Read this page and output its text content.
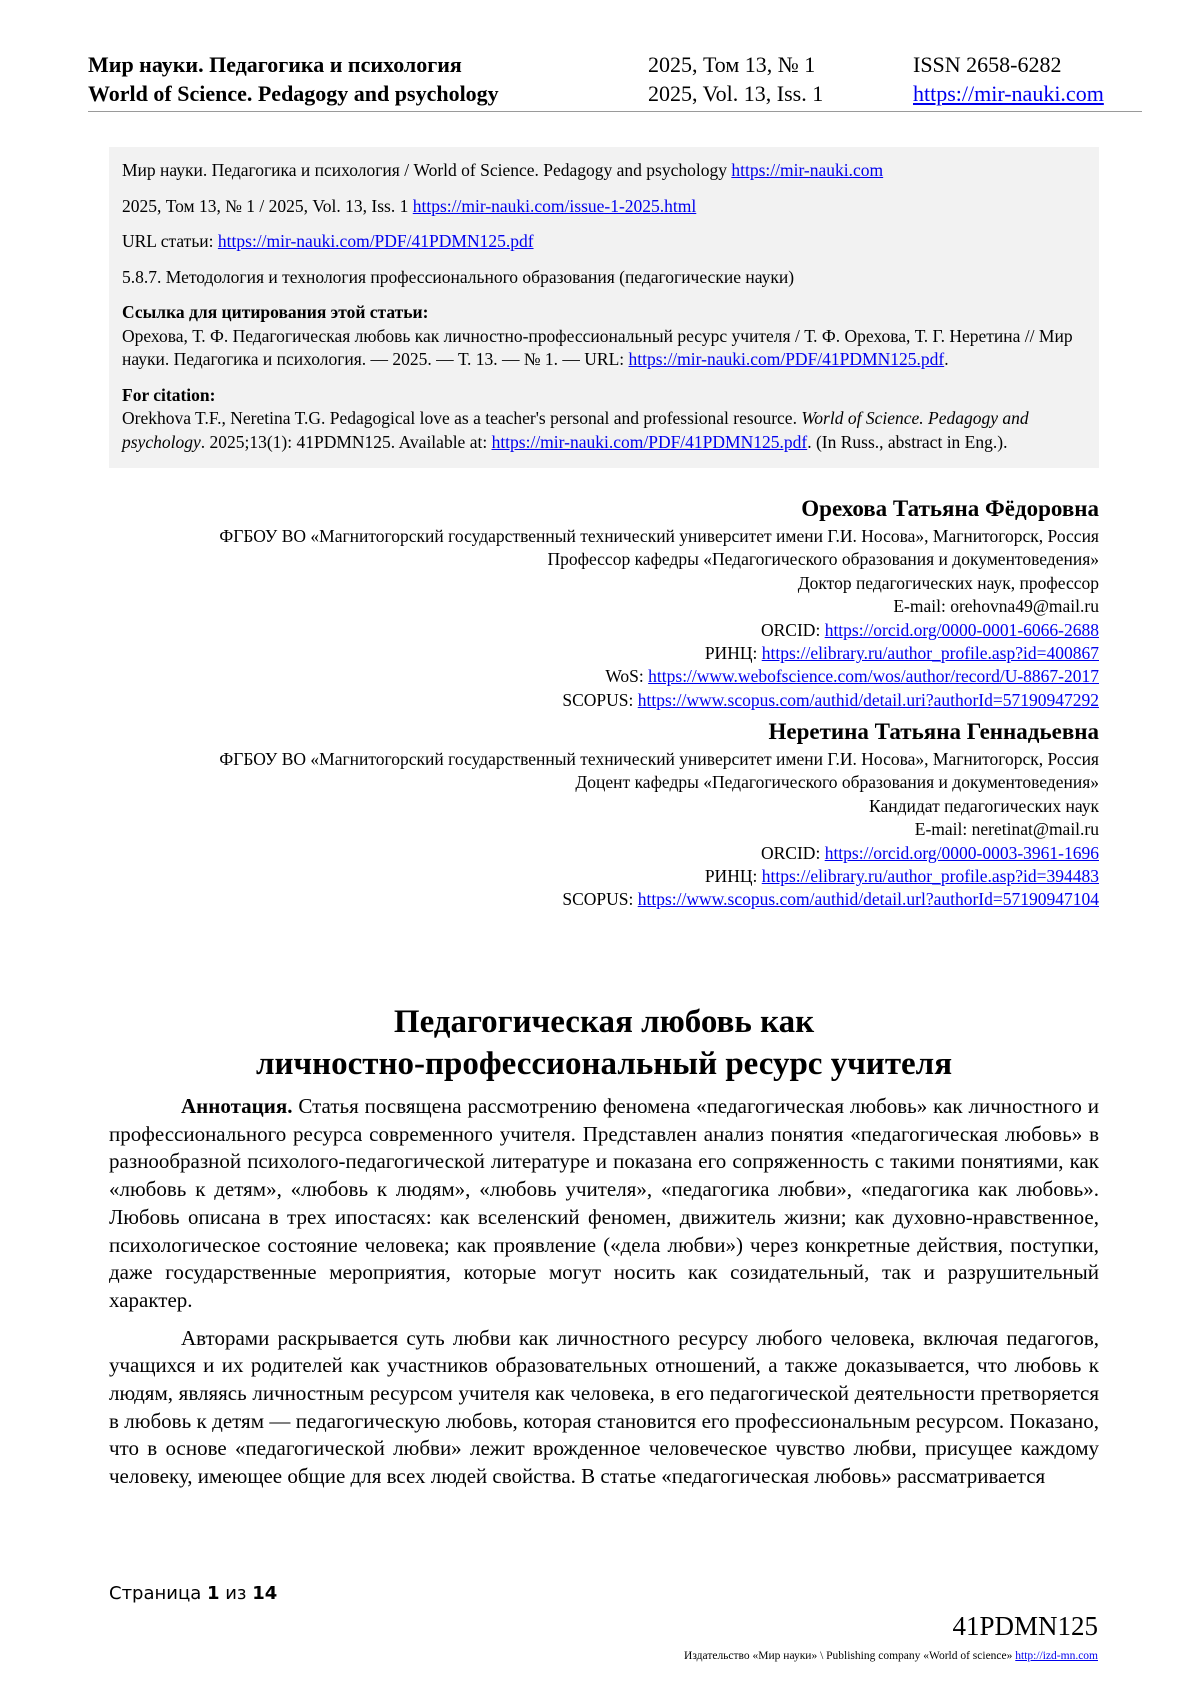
Мир науки. Педагогика и психология	2025, Том 13, № 1	ISSN 2658-6282
World of Science. Pedagogy and psychology	2025, Vol. 13, Iss. 1	https://mir-nauki.com

Мир науки. Педагогика и психология / World of Science. Pedagogy and psychology https://mir-nauki.com

2025, Том 13, № 1 / 2025, Vol. 13, Iss. 1 https://mir-nauki.com/issue-1-2025.html

URL статьи: https://mir-nauki.com/PDF/41PDMN125.pdf

5.8.7. Методология и технология профессионального образования (педагогические науки)

Ссылка для цитирования этой статьи:
Орехова, Т. Ф. Педагогическая любовь как личностно-профессиональный ресурс учителя / Т. Ф. Орехова, Т. Г. Неретина // Мир науки. Педагогика и психология. — 2025. — Т. 13. — № 1. — URL: https://mir-nauki.com/PDF/41PDMN125.pdf.

For citation:
Orekhova T.F., Neretina T.G. Pedagogical love as a teacher's personal and professional resource. World of Science. Pedagogy and psychology. 2025;13(1): 41PDMN125. Available at: https://mir-nauki.com/PDF/41PDMN125.pdf. (In Russ., abstract in Eng.).

Орехова Татьяна Фёдоровна
ФГБОУ ВО «Магнитогорский государственный технический университет имени Г.И. Носова», Магнитогорск, Россия
Профессор кафедры «Педагогического образования и документоведения»
Доктор педагогических наук, профессор
E-mail: orehovna49@mail.ru
ORCID: https://orcid.org/0000-0001-6066-2688
РИНЦ: https://elibrary.ru/author_profile.asp?id=400867
WoS: https://www.webofscience.com/wos/author/record/U-8867-2017
SCOPUS: https://www.scopus.com/authid/detail.uri?authorId=57190947292
Неретина Татьяна Геннадьевна
ФГБОУ ВО «Магнитогорский государственный технический университет имени Г.И. Носова», Магнитогорск, Россия
Доцент кафедры «Педагогического образования и документоведения»
Кандидат педагогических наук
E-mail: neretinat@mail.ru
ORCID: https://orcid.org/0000-0003-3961-1696
РИНЦ: https://elibrary.ru/author_profile.asp?id=394483
SCOPUS: https://www.scopus.com/authid/detail.url?authorId=57190947104
Педагогическая любовь как
личностно-профессиональный ресурс учителя

Аннотация. Статья посвящена рассмотрению феномена «педагогическая любовь» как личностного и профессионального ресурса современного учителя. Представлен анализ понятия «педагогическая любовь» в разнообразной психолого-педагогической литературе и показана его сопряженность с такими понятиями, как «любовь к детям», «любовь к людям», «любовь учителя», «педагогика любви», «педагогика как любовь». Любовь описана в трех ипостасях: как вселенский феномен, движитель жизни; как духовно-нравственное, психологическое состояние человека; как проявление («дела любви») через конкретные действия, поступки, даже государственные мероприятия, которые могут носить как созидательный, так и разрушительный характер.

Авторами раскрывается суть любви как личностного ресурсу любого человека, включая педагогов, учащихся и их родителей как участников образовательных отношений, а также доказывается, что любовь к людям, являясь личностным ресурсом учителя как человека, в его педагогической деятельности претворяется в любовь к детям — педагогическую любовь, которая становится его профессиональным ресурсом. Показано, что в основе «педагогической любви» лежит врожденное человеческое чувство любви, присущее каждому человеку, имеющее общие для всех людей свойства. В статье «педагогическая любовь» рассматривается

Страница 1 из 14
41PDMN125
Издательство «Мир науки» \ Publishing company «World of science» http://izd-mn.com
